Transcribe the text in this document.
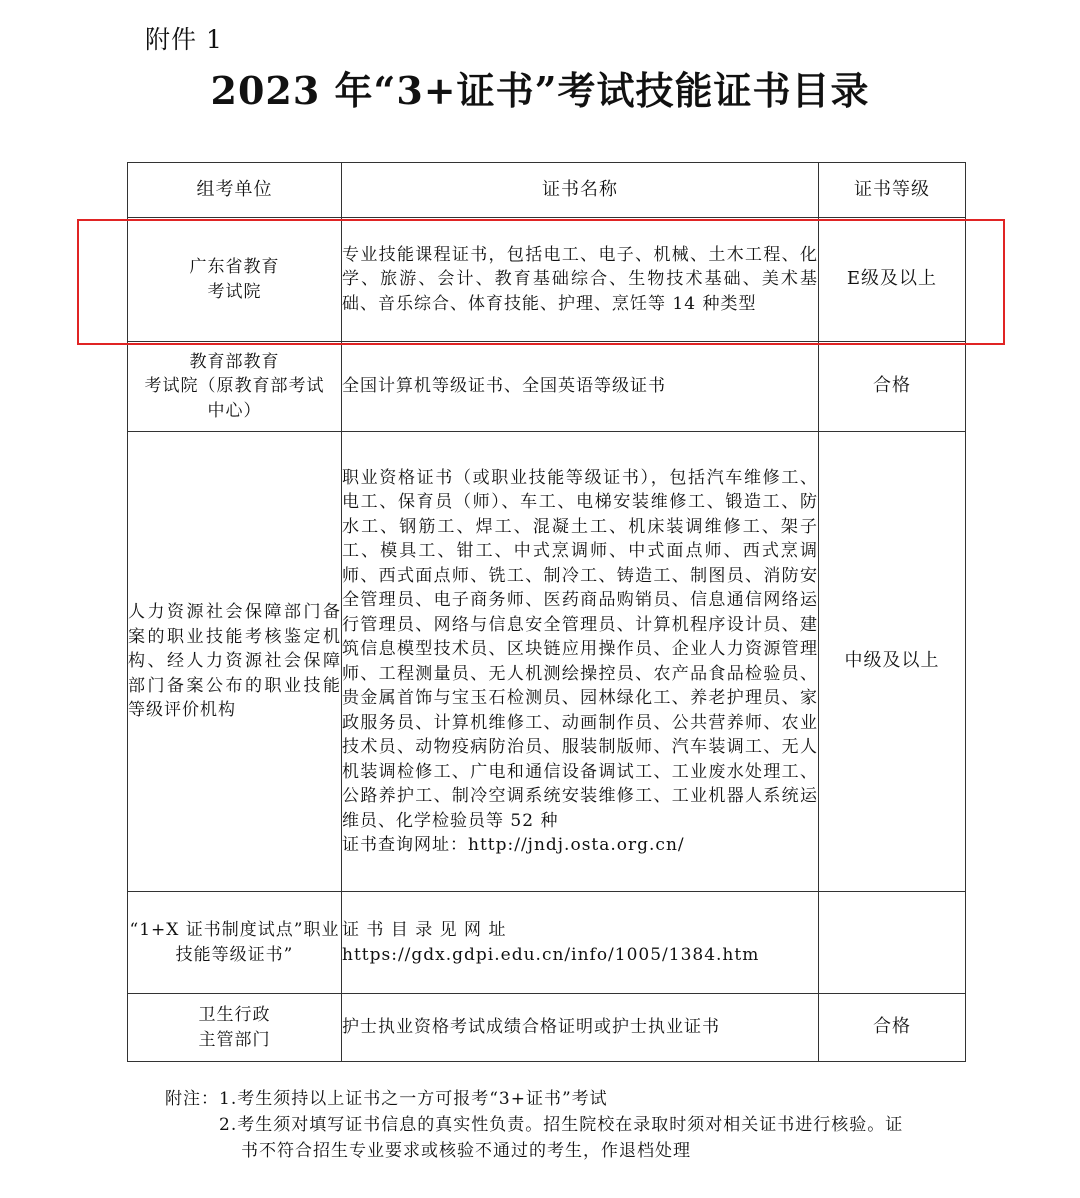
附件 1
2023 年“3+证书”考试技能证书目录
组考单位	证书名称	证书等级

广东省教育
考试院	专业技能课程证书，包括电工、电子、机械、土木工程、化学、旅游、会计、教育基础综合、生物技术基础、美术基础、音乐综合、体育技能、护理、烹饪等 14 种类型	E级及以上

教育部教育
考试院（原教育部考试
中心）	全国计算机等级证书、全国英语等级证书	合格

人力资源社会保障部门备案的职业技能考核鉴定机构、经人力资源社会保障部门备案公布的职业技能等级评价机构	职业资格证书（或职业技能等级证书），包括汽车维修工、电工、保育员（师）、车工、电梯安装维修工、锻造工、防水工、钢筋工、焊工、混凝土工、机床装调维修工、架子工、模具工、钳工、中式烹调师、中式面点师、西式烹调师、西式面点师、铣工、制冷工、铸造工、制图员、消防安全管理员、电子商务师、医药商品购销员、信息通信网络运行管理员、网络与信息安全管理员、计算机程序设计员、建筑信息模型技术员、区块链应用操作员、企业人力资源管理师、工程测量员、无人机测绘操控员、农产品食品检验员、贵金属首饰与宝玉石检测员、园林绿化工、养老护理员、家政服务员、计算机维修工、动画制作员、公共营养师、农业技术员、动物疫病防治员、服装制版师、汽车装调工、无人机装调检修工、广电和通信设备调试工、工业废水处理工、公路养护工、制冷空调系统安装维修工、工业机器人系统运维员、化学检验员等 52 种
证书查询网址：http://jndj.osta.org.cn/	中级及以上

“1+X 证书制度试点”职业技能等级证书”	证 书 目 录 见 网 址
https://gdx.gdpi.edu.cn/info/1005/1384.htm	

卫生行政
主管部门	护士执业资格考试成绩合格证明或护士执业证书	合格
附注：1.考生须持以上证书之一方可报考“3+证书”考试
2.考生须对填写证书信息的真实性负责。招生院校在录取时须对相关证书进行核验。证
书不符合招生专业要求或核验不通过的考生，作退档处理
